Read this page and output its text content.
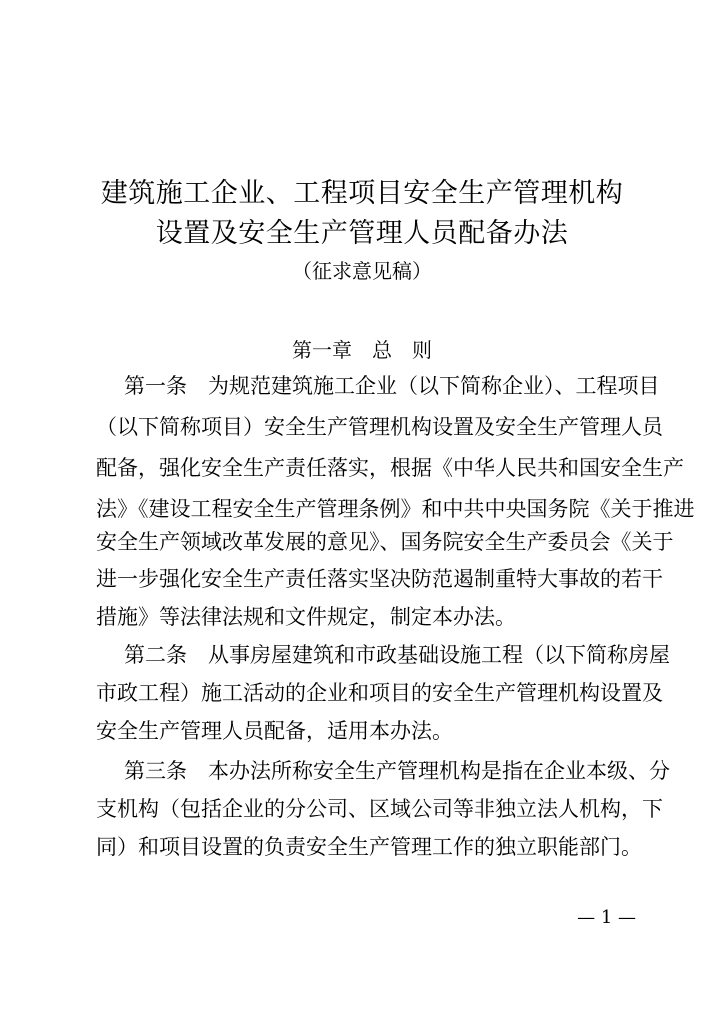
建筑施工企业、工程项目安全生产管理机构
设置及安全生产管理人员配备办法
（征求意见稿）
第一章　总　则
第一条　为规范建筑施工企业（以下简称企业）、工程项目
（以下简称项目）安全生产管理机构设置及安全生产管理人员
配备，强化安全生产责任落实，根据《中华人民共和国安全生产
法》《建设工程安全生产管理条例》和中共中央国务院《关于推进
安全生产领域改革发展的意见》、国务院安全生产委员会《关于
进一步强化安全生产责任落实坚决防范遏制重特大事故的若干
措施》等法律法规和文件规定，制定本办法。
第二条　从事房屋建筑和市政基础设施工程（以下简称房屋
市政工程）施工活动的企业和项目的安全生产管理机构设置及
安全生产管理人员配备，适用本办法。
第三条　本办法所称安全生产管理机构是指在企业本级、分
支机构（包括企业的分公司、区域公司等非独立法人机构，下
同）和项目设置的负责安全生产管理工作的独立职能部门。
— 1 —
